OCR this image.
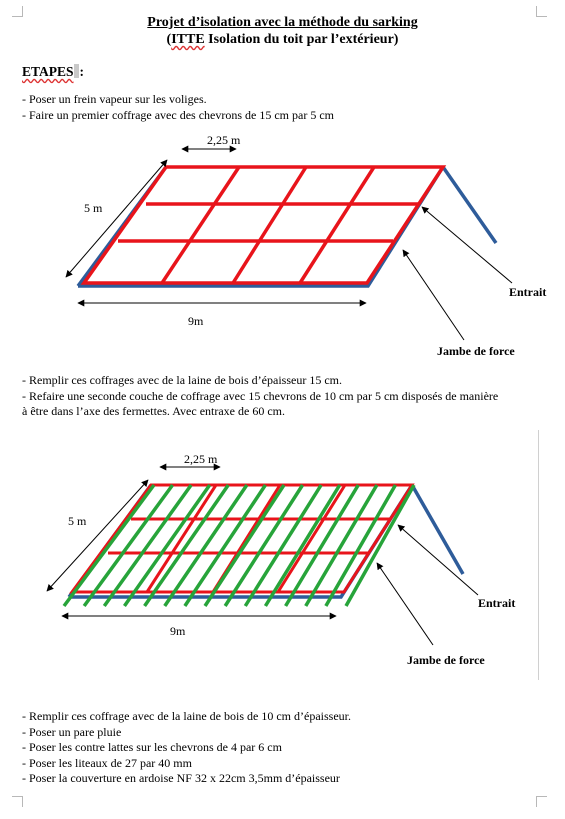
Projet d’isolation avec la méthode du sarking
(ITTE Isolation du toit par l’extérieur)
ETAPES :
- Poser un frein vapeur sur les voliges.
- Faire un premier coffrage avec des chevrons de 15 cm par 5 cm
2,25 m
5 m
9m
Entrait
Jambe de force
- Remplir ces coffrages avec de la laine de bois d’épaisseur 15 cm.
- Refaire une seconde couche de coffrage avec 15 chevrons de 10 cm par 5 cm disposés de manière
à être dans l’axe des fermettes. Avec entraxe de 60 cm.
2,25 m
5 m
9m
Entrait
Jambe de force
- Remplir ces coffrage avec de la laine de bois de 10 cm d’épaisseur.
- Poser un pare pluie
- Poser les contre lattes sur les chevrons de 4 par 6 cm
- Poser les liteaux de 27 par 40 mm
- Poser la couverture en ardoise NF 32 x 22cm 3,5mm d’épaisseur
